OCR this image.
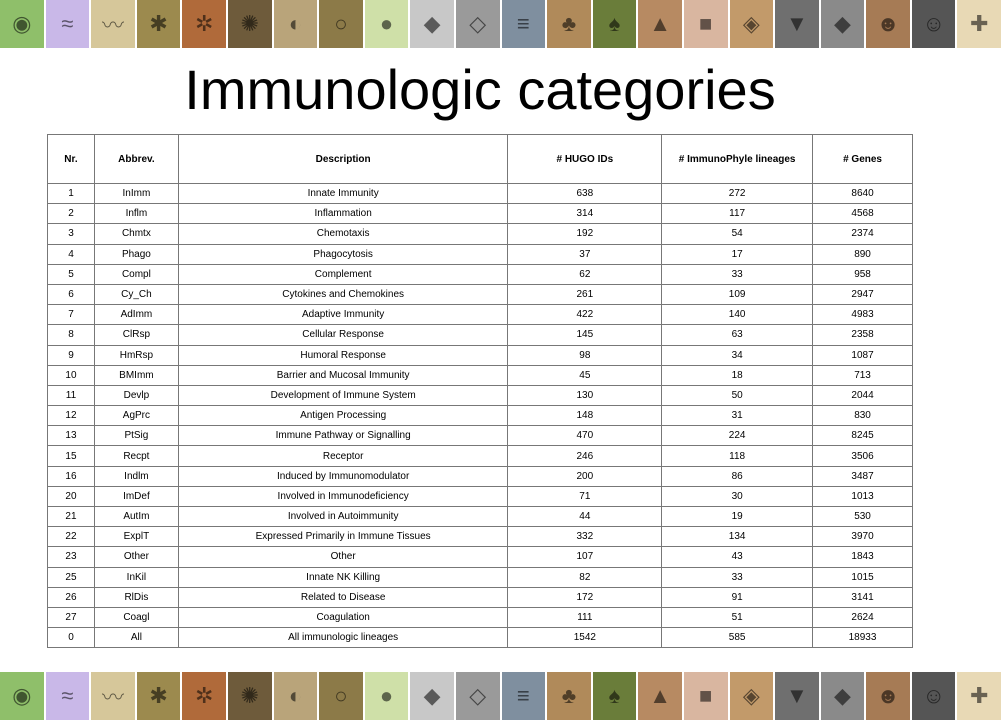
◉	≈	〰	✱	✲	✺	◐	○	●	◆	◇	≡	♣	♠	▲	■	◈	▼	◆	☻	☺	✚
Immunologic categories
Nr.	Abbrev.	Description	# HUGO IDs	# ImmunoPhyle lineages	# Genes
1	InImm	Innate Immunity	638	272	8640
2	Inflm	Inflammation	314	117	4568
3	Chmtx	Chemotaxis	192	54	2374
4	Phago	Phagocytosis	37	17	890
5	Compl	Complement	62	33	958
6	Cy_Ch	Cytokines and Chemokines	261	109	2947
7	AdImm	Adaptive Immunity	422	140	4983
8	ClRsp	Cellular Response	145	63	2358
9	HmRsp	Humoral Response	98	34	1087
10	BMImm	Barrier and Mucosal Immunity	45	18	713
11	Devlp	Development of Immune System	130	50	2044
12	AgPrc	Antigen Processing	148	31	830
13	PtSig	Immune Pathway or Signalling	470	224	8245
15	Recpt	Receptor	246	118	3506
16	Indlm	Induced by Immunomodulator	200	86	3487
20	ImDef	Involved in Immunodeficiency	71	30	1013
21	AutIm	Involved in Autoimmunity	44	19	530
22	ExplT	Expressed Primarily in Immune Tissues	332	134	3970
23	Other	Other	107	43	1843
25	InKil	Innate NK Killing	82	33	1015
26	RlDis	Related to Disease	172	91	3141
27	Coagl	Coagulation	111	51	2624
0	All	All immunologic lineages	1542	585	18933
◉	≈	〰	✱	✲	✺	◐	○	●	◆	◇	≡	♣	♠	▲	■	◈	▼	◆	☻	☺	✚
